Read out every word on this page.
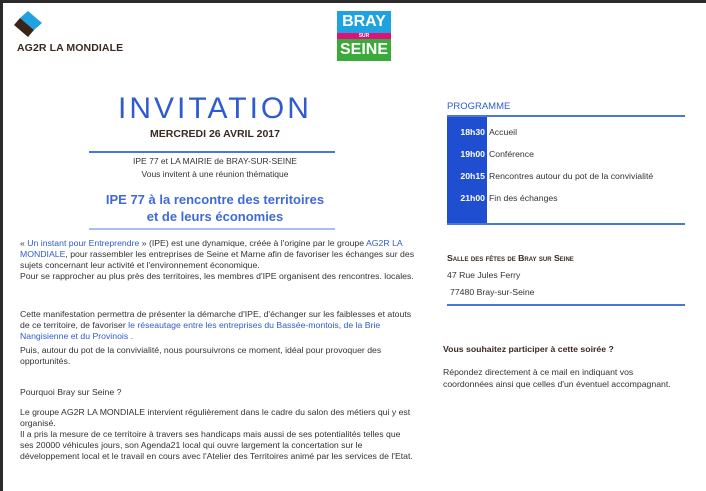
AG2R LA MONDIALE
BRAY
SUR
SEINE
INVITATION
MERCREDI 26 AVRIL 2017
IPE 77 et LA MAIRIE de BRAY-SUR-SEINE
Vous invitent à une réunion thématique
IPE 77 à la rencontre des territoires
et de leurs économies

« Un instant pour Entreprendre » (IPE) est une dynamique, créée à l'origine par le groupe AG2R LA MONDIALE, pour rassembler les entreprises de Seine et Marne afin de favoriser les échanges sur des sujets concernant leur activité et l'environnement économique.

Pour se rapprocher au plus près des territoires, les membres d'IPE organisent des rencontres. locales.

Cette manifestation permettra de présenter la démarche d'IPE, d'échanger sur les faiblesses et atouts de ce territoire, de favoriser le réseautage entre les entreprises du Bassée-montois, de la Brie Nangisienne et du Provinois .

Puis, autour du pot de la convivialité, nous poursuivrons ce moment, idéal pour provoquer des opportunités.

Pourquoi Bray sur Seine ?

Le groupe AG2R LA MONDIALE intervient régulièrement dans le cadre du salon des métiers qui y est organisé.

Il a pris la mesure de ce territoire à travers ses handicaps mais aussi de ses potentialités telles que ses 20000 véhicules jours, son Agenda21 local qui ouvre largement la concertation sur le développement local et le travail en cours avec l'Atelier des Territoires animé par les services de l'Etat.

PROGRAMME
18h30 Accueil
19h00 Conférence
20h15 Rencontres autour du pot de la convivialité
21h00 Fin des échanges
Salle des fêtes de Bray sur Seine
47 Rue Jules Ferry
77480 Bray-sur-Seine
Vous souhaitez participer à cette soirée ?
Répondez directement à ce mail en indiquant vos
coordonnées ainsi que celles d'un éventuel accompagnant.
